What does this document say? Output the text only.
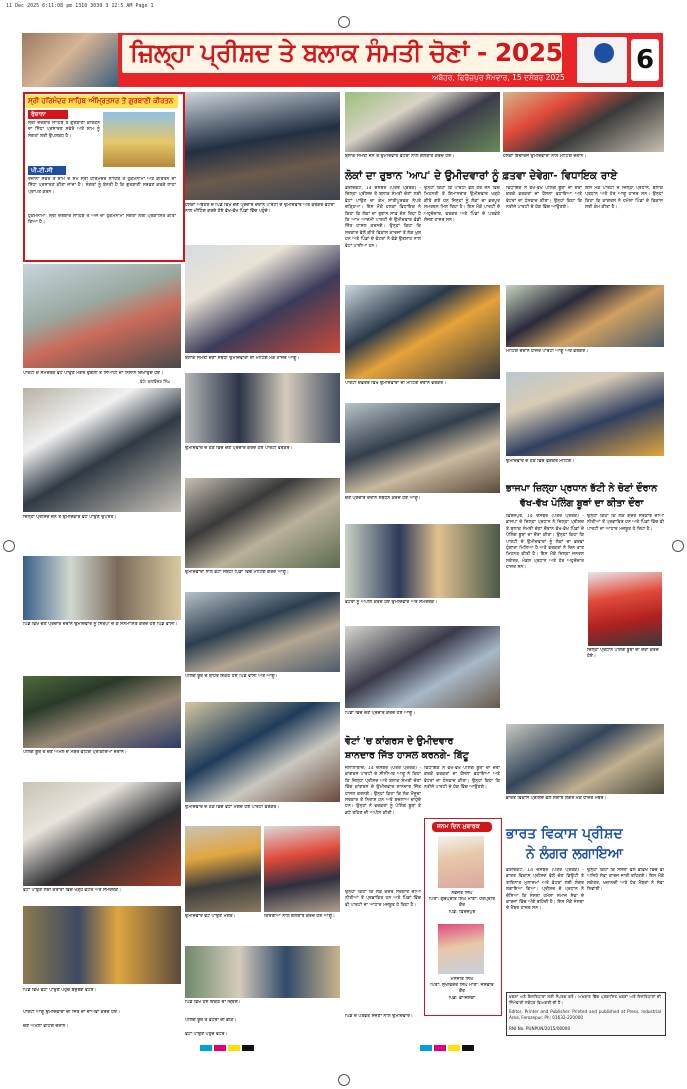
11 Dec 2025 6:11:08 pm 1310 3030 3 12:5 AM Page 1
ਜ਼ਿਲ੍ਹਾ ਪ੍ਰੀਸ਼ਦ ਤੇ ਬਲਾਕ ਸੰਮਤੀ ਚੋਣਾਂ - 2025
ਅਬੋਹਰ, ਫਿਰੋਜ਼ਪੁਰ ਸੋਮਵਾਰ, 15 ਦਸੰਬਰ 2025
6
ਸ੍ਰੀ ਹਰਿਮੰਦਰ ਸਾਹਿਬ ਅੰਮ੍ਰਿਤਸਰ ਤੋਂ ਗੁਰਬਾਣੀ ਕੀਰਤਨ
ਰੋਜ਼ਾਨਾ
ਸ੍ਰੀ ਦਰਬਾਰ ਸਾਹਿਬ ਤੋਂ ਗੁਰਬਾਣੀ ਕੀਰਤਨ ਦਾ ਸਿੱਧਾ ਪ੍ਰਸਾਰਣ ਸਵੇਰੇ ਅਤੇ ਸ਼ਾਮ ਨੂੰ ਸੰਗਤਾਂ ਲਈ ਉਪਲਬਧ ਹੈ।
ਪੀ.ਟੀ.ਸੀ
ਰੋਜ਼ਾਨਾ ਸਵੇਰੇ ਤੇ ਸ਼ਾਮ ਦੇ ਸਮੇਂ ਸ੍ਰੀ ਹਰਿਮੰਦਰ ਸਾਹਿਬ ਤੋਂ ਹੁਕਮਨਾਮਾ ਅਤੇ ਕੀਰਤਨ ਦਾ ਸਿੱਧਾ ਪ੍ਰਸਾਰਣ ਕੀਤਾ ਜਾਂਦਾ ਹੈ। ਸੰਗਤਾਂ ਨੂੰ ਬੇਨਤੀ ਹੈ ਕਿ ਗੁਰਬਾਣੀ ਸਰਵਣ ਕਰਕੇ ਲਾਹਾ ਪ੍ਰਾਪਤ ਕਰਨ।
ਹੁਕਮਨਾਮਾ: ਸ੍ਰੀ ਦਰਬਾਰ ਸਾਹਿਬ ਤੋਂ ਅੱਜ ਦਾ ਹੁਕਮਨਾਮਾ ਸੰਗਤਾਂ ਲਈ ਪ੍ਰਕਾਸ਼ਿਤ ਕੀਤਾ ਗਿਆ ਹੈ।
ਪਾਰਟੀ ਦੇ ਸਮਰਥਕ ਵੋਟ ਪਾਉਣ ਮਗਰੋਂ ਉਂਗਲੀ ਤੇ ਸਿਆਹੀ ਦਾ ਨਿਸ਼ਾਨ ਦਿਖਾਉਂਦੇ ਹੋਏ।
ਫੋਟੋ: ਬਲਵਿੰਦਰ ਸਿੰਘ
ਜ਼ਿਲ੍ਹਾ ਪ੍ਰੀਸ਼ਦ ਜ਼ੋਨ ਤੋਂ ਉਮੀਦਵਾਰ ਵੋਟ ਪਾਉਣ ਉਪਰੰਤ।
ਪਿੰਡ ਵਿਖੇ ਚੋਣ ਪ੍ਰਚਾਰ ਦੌਰਾਨ ਉਮੀਦਵਾਰ ਨੂੰ ਸਿਰੋਪਾ ਦੇ ਕੇ ਸਨਮਾਨਿਤ ਕਰਦੇ ਹੋਏ ਪਿੰਡ ਵਾਸੀ।
ਪੋਲਿੰਗ ਬੂਥ ਤੇ ਚੋਣ ਅਮਲੇ ਦੇ ਮੈਂਬਰ ਵੋਟਿੰਗ ਪ੍ਰਕਿਰਿਆ ਦੌਰਾਨ।
ਵੋਟਾਂ ਪਾਉਣ ਲਈ ਕਤਾਰਾਂ ਵਿੱਚ ਖੜ੍ਹੇ ਵੋਟਰ ਅਤੇ ਸਮਰਥਕ।
ਪਿੰਡ ਵਿਖੇ ਵੋਟਾਂ ਪਾਉਣ ਪਹੁੰਚੇ ਬਜ਼ੁਰਗ ਵੋਟਰ।
ਹਲਕਾ ਅਬੋਹਰ ਦੇ ਪਿੰਡ ਵਿਖੇ ਚੋਣ ਪ੍ਰਚਾਰ ਦੌਰਾਨ ਪਾਰਟੀ ਦੇ ਉਮੀਦਵਾਰ ਅਤੇ ਵਰਕਰ ਵੋਟਰਾਂ ਨਾਲ ਮੀਟਿੰਗ ਕਰਦੇ ਹੋਏ ਵੱਖ-ਵੱਖ ਪਿੰਡਾਂ ਵਿੱਚ ਪਹੁੰਚੇ।
ਬਲਾਕ ਸੰਮਤੀ ਚੋਣਾਂ ਸਬੰਧੀ ਉਮੀਦਵਾਰਾਂ ਦੀ ਮੀਟਿੰਗ ਮੌਕੇ ਹਾਜ਼ਰ ਆਗੂ।
ਉਮੀਦਵਾਰ ਦੇ ਹੱਕ ਵਿੱਚ ਚੋਣ ਪ੍ਰਚਾਰ ਕਰਦੇ ਹੋਏ ਪਾਰਟੀ ਵਰਕਰ।
ਉਮੀਦਵਾਰਾਂ ਨਾਲ ਵੋਟਾਂ ਸਬੰਧੀ ਪਿੰਡਾਂ ਵਿੱਚ ਮੀਟਿੰਗ ਕਰਦੇ ਆਗੂ।
ਪੋਲਿੰਗ ਬੂਥ ਦੇ ਬਾਹਰ ਇਕੱਠੇ ਹੋਏ ਪਿੰਡ ਵਾਸੀ ਅਤੇ ਆਗੂ।
ਉਮੀਦਵਾਰ ਦੇ ਹੱਕ ਵਿੱਚ ਵੋਟਾਂ ਮੰਗਦੇ ਹੋਏ ਪਾਰਟੀ ਵਰਕਰ।
ਉਮੀਦਵਾਰ ਵੋਟ ਪਾਉਣ ਮਗਰੋਂ।	ਕਿਰਤੀਆਂ ਨਾਲ ਗੱਲਬਾਤ ਕਰਦੇ ਹੋਏ ਆਗੂ।
ਪਿੰਡ ਵਿਖੇ ਹੋਏ ਇਕੱਠ ਦਾ ਦ੍ਰਿਸ਼।
ਬਲਾਕ ਸੰਮਤੀ ਜ਼ੋਨ ਤੋਂ ਉਮੀਦਵਾਰ ਵੋਟਰਾਂ ਨਾਲ ਗੱਲਬਾਤ ਕਰਦੇ ਹੋਏ।	ਹਲਕਾ ਇੰਚਾਰਜ ਉਮੀਦਵਾਰਾਂ ਨਾਲ ਮੀਟਿੰਗ ਦੌਰਾਨ।
ਲੋਕਾਂ ਦਾ ਰੁਝਾਨ 'ਆਪ' ਦੇ ਉਮੀਦਵਾਰਾਂ ਨੂੰ ਫ਼ਤਵਾ ਦੇਵੇਗਾ- ਵਿਧਾਇਕ ਰਾਏ
ਫ਼ਰੀਦਕੋਟ, 14 ਦਸੰਬਰ (ਪੱਤਰ ਪ੍ਰੇਰਕ) - ਜ਼ਿਲ੍ਹਾ ਪ੍ਰੀਸ਼ਦ ਤੇ ਬਲਾਕ ਸੰਮਤੀ ਚੋਣਾਂ ਲਈ ਵੋਟਾਂ ਪਾਉਣ ਦਾ ਕੰਮ ਸ਼ਾਂਤੀਪੂਰਵਕ ਨੇਪਰੇ ਚੜ੍ਹਿਆ। ਇਸ ਮੌਕੇ ਹਲਕਾ ਵਿਧਾਇਕ ਨੇ ਕਿਹਾ ਕਿ ਲੋਕਾਂ ਦਾ ਰੁਝਾਨ ਸਾਫ਼ ਦੱਸ ਰਿਹਾ ਹੈ ਕਿ ਆਮ ਆਦਮੀ ਪਾਰਟੀ ਦੇ ਉਮੀਦਵਾਰ ਵੱਡੀ ਜਿੱਤ ਹਾਸਲ ਕਰਨਗੇ। ਉਨ੍ਹਾਂ ਕਿਹਾ ਕਿ ਸਰਕਾਰ ਵੱਲੋਂ ਕੀਤੇ ਵਿਕਾਸ ਕਾਰਜਾਂ ਤੋਂ ਲੋਕ ਖੁਸ਼ ਹਨ ਅਤੇ ਪਿੰਡਾਂ ਦੇ ਵੋਟਰਾਂ ਨੇ ਵੱਡੇ ਉਤਸ਼ਾਹ ਨਾਲ ਵੋਟਾਂ ਪਾਈਆਂ ਹਨ।
ਉਨ੍ਹਾਂ ਕਿਹਾ ਕਿ ਪਾਰਟੀ ਵੱਲੋਂ ਹਰ ਜ਼ੋਨ ਵਿੱਚ ਮਿਹਨਤੀ ਤੇ ਇਮਾਨਦਾਰ ਉਮੀਦਵਾਰ ਖੜ੍ਹੇ ਕੀਤੇ ਗਏ ਹਨ ਜਿਨ੍ਹਾਂ ਨੂੰ ਲੋਕਾਂ ਦਾ ਭਰਪੂਰ ਸਮਰਥਨ ਮਿਲ ਰਿਹਾ ਹੈ। ਇਸ ਮੌਕੇ ਪਾਰਟੀ ਦੇ ਅਹੁਦੇਦਾਰ, ਵਰਕਰ ਅਤੇ ਪਿੰਡਾਂ ਦੇ ਪਤਵੰਤੇ ਸੱਜਣ ਹਾਜ਼ਰ ਸਨ।
ਵਿਧਾਇਕ ਨੇ ਵੱਖ-ਵੱਖ ਪੋਲਿੰਗ ਬੂਥਾਂ ਦਾ ਦੌਰਾ ਕਰਕੇ ਵਰਕਰਾਂ ਦਾ ਹੌਸਲਾ ਵਧਾਇਆ ਅਤੇ ਵੋਟਰਾਂ ਦਾ ਧੰਨਵਾਦ ਕੀਤਾ। ਉਨ੍ਹਾਂ ਕਿਹਾ ਕਿ ਨਤੀਜੇ ਪਾਰਟੀ ਦੇ ਹੱਕ ਵਿੱਚ ਆਉਣਗੇ।
ਇਸ ਮੌਕੇ ਪਾਰਟੀ ਦੇ ਜ਼ਿਲ੍ਹਾ ਪ੍ਰਧਾਨ, ਬਲਾਕ ਪ੍ਰਧਾਨ ਅਤੇ ਹੋਰ ਆਗੂ ਹਾਜ਼ਰ ਸਨ। ਉਨ੍ਹਾਂ ਕਿਹਾ ਕਿ ਕਾਂਗਰਸ ਨੇ ਹਮੇਸ਼ਾ ਪਿੰਡਾਂ ਦੇ ਵਿਕਾਸ ਲਈ ਕੰਮ ਕੀਤਾ ਹੈ।
ਪਾਰਟੀ ਦਫ਼ਤਰ ਵਿਖੇ ਉਮੀਦਵਾਰਾਂ ਦੀ ਮੀਟਿੰਗ ਦੌਰਾਨ ਵਰਕਰ।
ਚੋਣ ਪ੍ਰਚਾਰ ਦੌਰਾਨ ਸੰਬੋਧਨ ਕਰਦੇ ਹੋਏ ਆਗੂ।
ਵੋਟਰਾਂ ਨੂੰ ਅਪੀਲ ਕਰਦੇ ਹੋਏ ਉਮੀਦਵਾਰ ਅਤੇ ਸਮਰਥਕ।
ਪਿੰਡਾਂ ਵਿੱਚ ਚੋਣ ਪ੍ਰਚਾਰ ਕਰਦੇ ਹੋਏ ਆਗੂ।
ਵੋਟਾਂ 'ਚ ਕਾਂਗਰਸ ਦੇ ਉਮੀਦਵਾਰ
ਸ਼ਾਨਦਾਰ ਜਿੱਤ ਹਾਸਲ ਕਰਨਗੇ- ਬਿੱਟੂ
ਜਲਾਲਾਬਾਦ, 14 ਦਸੰਬਰ (ਪੱਤਰ ਪ੍ਰੇਰਕ) - ਕਾਂਗਰਸ ਪਾਰਟੀ ਦੇ ਸੀਨੀਅਰ ਆਗੂ ਨੇ ਕਿਹਾ ਕਿ ਜ਼ਿਲ੍ਹਾ ਪ੍ਰੀਸ਼ਦ ਅਤੇ ਬਲਾਕ ਸੰਮਤੀ ਚੋਣਾਂ ਵਿੱਚ ਕਾਂਗਰਸ ਦੇ ਉਮੀਦਵਾਰ ਸ਼ਾਨਦਾਰ ਜਿੱਤ ਹਾਸਲ ਕਰਨਗੇ। ਉਨ੍ਹਾਂ ਕਿਹਾ ਕਿ ਲੋਕ ਮੌਜੂਦਾ ਸਰਕਾਰ ਤੋਂ ਨਿਰਾਸ਼ ਹਨ ਅਤੇ ਬਦਲਾਅ ਚਾਹੁੰਦੇ ਹਨ। ਉਨ੍ਹਾਂ ਨੇ ਵਰਕਰਾਂ ਨੂੰ ਪੋਲਿੰਗ ਬੂਥਾਂ ਤੇ ਡਟੇ ਰਹਿਣ ਦੀ ਅਪੀਲ ਕੀਤੀ।
ਵਿਧਾਇਕ ਨੇ ਵੱਖ-ਵੱਖ ਪੋਲਿੰਗ ਬੂਥਾਂ ਦਾ ਦੌਰਾ ਕਰਕੇ ਵਰਕਰਾਂ ਦਾ ਹੌਸਲਾ ਵਧਾਇਆ ਅਤੇ ਵੋਟਰਾਂ ਦਾ ਧੰਨਵਾਦ ਕੀਤਾ। ਉਨ੍ਹਾਂ ਕਿਹਾ ਕਿ ਨਤੀਜੇ ਪਾਰਟੀ ਦੇ ਹੱਕ ਵਿੱਚ ਆਉਣਗੇ।
ਉਨ੍ਹਾਂ ਕਿਹਾ ਕਿ ਲੋਕ ਕੇਂਦਰ ਸਰਕਾਰ ਦੀਆਂ ਨੀਤੀਆਂ ਤੋਂ ਪ੍ਰਭਾਵਿਤ ਹਨ ਅਤੇ ਪਿੰਡਾਂ ਵਿੱਚ ਵੀ ਪਾਰਟੀ ਦਾ ਆਧਾਰ ਮਜ਼ਬੂਤ ਹੋ ਰਿਹਾ ਹੈ।
ਜਨਮ ਦਿਨ ਮੁਬਾਰਕ
ਨਵਜੋਤ ਸਿੰਘ
ਪਿਤਾ: ਗੁਰਪ੍ਰੀਤ ਸਿੰਘ ਮਾਤਾ: ਹਰਪ੍ਰੀਤ ਕੌਰ
ਪਿੰਡ: ਫ਼ਿਰੋਜ਼ਪੁਰ
ਮਨਜੀਤ ਸਿੰਘ
ਪਿਤਾ: ਸੁਖਵਿੰਦਰ ਸਿੰਘ ਮਾਤਾ: ਜਸਵੀਰ ਕੌਰ
ਪਿੰਡ: ਫ਼ਾਜ਼ਿਲਕਾ
ਮੀਟਿੰਗ ਦੌਰਾਨ ਹਾਜ਼ਰ ਪਾਰਟੀ ਆਗੂ ਅਤੇ ਵਰਕਰ।
ਉਮੀਦਵਾਰ ਦੇ ਹੱਕ ਵਿੱਚ ਵਰਕਰ ਮੀਟਿੰਗ।
ਭਾਜਪਾ ਜ਼ਿਲ੍ਹਾ ਪ੍ਰਧਾਨ ਭੱਟੀ ਨੇ ਚੋਣਾਂ ਦੌਰਾਨ
ਵੱਖ-ਵੱਖ ਪੋਲਿੰਗ ਬੂਥਾਂ ਦਾ ਕੀਤਾ ਦੌਰਾ
ਫ਼ਿਰੋਜ਼ਪੁਰ, 14 ਦਸੰਬਰ (ਪੱਤਰ ਪ੍ਰੇਰਕ) - ਭਾਜਪਾ ਦੇ ਜ਼ਿਲ੍ਹਾ ਪ੍ਰਧਾਨ ਨੇ ਜ਼ਿਲ੍ਹਾ ਪ੍ਰੀਸ਼ਦ ਤੇ ਬਲਾਕ ਸੰਮਤੀ ਚੋਣਾਂ ਦੌਰਾਨ ਵੱਖ-ਵੱਖ ਪਿੰਡਾਂ ਦੇ ਪੋਲਿੰਗ ਬੂਥਾਂ ਦਾ ਦੌਰਾ ਕੀਤਾ। ਉਨ੍ਹਾਂ ਕਿਹਾ ਕਿ ਪਾਰਟੀ ਦੇ ਉਮੀਦਵਾਰਾਂ ਨੂੰ ਲੋਕਾਂ ਦਾ ਭਰਵਾਂ ਹੁੰਗਾਰਾ ਮਿਲਿਆ ਹੈ ਅਤੇ ਵਰਕਰਾਂ ਨੇ ਦਿਨ ਰਾਤ ਮਿਹਨਤ ਕੀਤੀ ਹੈ। ਇਸ ਮੌਕੇ ਜ਼ਿਲ੍ਹਾ ਜਨਰਲ ਸਕੱਤਰ, ਮੰਡਲ ਪ੍ਰਧਾਨ ਅਤੇ ਹੋਰ ਅਹੁਦੇਦਾਰ ਹਾਜ਼ਰ ਸਨ।
ਉਨ੍ਹਾਂ ਕਿਹਾ ਕਿ ਲੋਕ ਕੇਂਦਰ ਸਰਕਾਰ ਦੀਆਂ ਨੀਤੀਆਂ ਤੋਂ ਪ੍ਰਭਾਵਿਤ ਹਨ ਅਤੇ ਪਿੰਡਾਂ ਵਿੱਚ ਵੀ ਪਾਰਟੀ ਦਾ ਆਧਾਰ ਮਜ਼ਬੂਤ ਹੋ ਰਿਹਾ ਹੈ।
ਜ਼ਿਲ੍ਹਾ ਪ੍ਰਧਾਨ ਪੋਲਿੰਗ ਬੂਥਾਂ ਦਾ ਦੌਰਾ ਕਰਦੇ ਹੋਏ।
ਭਾਰਤ ਵਿਕਾਸ ਪ੍ਰੀਸ਼ਦ ਵੱਲੋਂ ਲਗਾਏ ਲੰਗਰ ਮੌਕੇ ਹਾਜ਼ਰ ਮੈਂਬਰ।
ਭਾਰਤ ਵਿਕਾਸ ਪ੍ਰੀਸ਼ਦ
ਨੇ ਲੰਗਰ ਲਗਾਇਆ
ਫ਼ਰੀਦਕੋਟ, 14 ਦਸੰਬਰ (ਪੱਤਰ ਪ੍ਰੇਰਕ) - ਭਾਰਤ ਵਿਕਾਸ ਪ੍ਰੀਸ਼ਦ ਵੱਲੋਂ ਚੋਣ ਡਿਊਟੀ ਤੇ ਤਾਇਨਾਤ ਮੁਲਾਜ਼ਮਾਂ ਅਤੇ ਵੋਟਰਾਂ ਲਈ ਲੰਗਰ ਲਗਾਇਆ ਗਿਆ। ਪ੍ਰੀਸ਼ਦ ਦੇ ਪ੍ਰਧਾਨ ਨੇ ਦੱਸਿਆ ਕਿ ਸੰਸਥਾ ਹਮੇਸ਼ਾ ਸਮਾਜ ਸੇਵਾ ਦੇ ਕਾਰਜਾਂ ਵਿੱਚ ਅੱਗੇ ਰਹਿੰਦੀ ਹੈ। ਇਸ ਮੌਕੇ ਸੰਸਥਾ ਦੇ ਮੈਂਬਰ ਹਾਜ਼ਰ ਸਨ।
ਉਨ੍ਹਾਂ ਕਿਹਾ ਕਿ ਸੰਸਥਾ ਵੱਲੋਂ ਭਵਿੱਖ ਵਿੱਚ ਵੀ ਅਜਿਹੇ ਸੇਵਾ ਕਾਰਜ ਜਾਰੀ ਰਹਿਣਗੇ। ਇਸ ਮੌਕੇ ਸਕੱਤਰ, ਖ਼ਜ਼ਾਨਚੀ ਅਤੇ ਹੋਰ ਮੈਂਬਰਾਂ ਨੇ ਸੇਵਾ ਨਿਭਾਈ।
ਖ਼ਬਰਾਂ ਅਤੇ ਇਸ਼ਤਿਹਾਰਾਂ ਲਈ ਸੰਪਰਕ ਕਰੋ। ਅਖ਼ਬਾਰ ਵਿੱਚ ਪ੍ਰਕਾਸ਼ਿਤ ਖ਼ਬਰਾਂ ਅਤੇ ਇਸ਼ਤਿਹਾਰਾਂ ਦੀ ਜ਼ਿੰਮੇਵਾਰੀ ਸਬੰਧਤ ਵਿਅਕਤੀ ਦੀ ਹੈ।
Editor, Printer and Publisher. Printed and published at Press, Industrial Area, Ferozepur. Ph: 01632-220000
RNI No. PUNPUN/2015/00000
ਪਾਰਟੀ ਆਗੂ ਉਮੀਦਵਾਰਾਂ ਦੀ ਜਿੱਤ ਦਾ ਦਾਅਵਾ ਕਰਦੇ ਹੋਏ।
ਪੋਲਿੰਗ ਬੂਥ ਤੇ ਵੋਟਰਾਂ ਦੀ ਭੀੜ।
ਪਿੰਡ ਦੇ ਪਤਵੰਤੇ ਸੱਜਣਾਂ ਨਾਲ ਉਮੀਦਵਾਰ।
ਚੋਣ ਅਮਲਾ ਵੋਟਿੰਗ ਦੌਰਾਨ।
ਵੋਟਾਂ ਪਾਉਣ ਪਹੁੰਚੇ ਵੋਟਰ।
